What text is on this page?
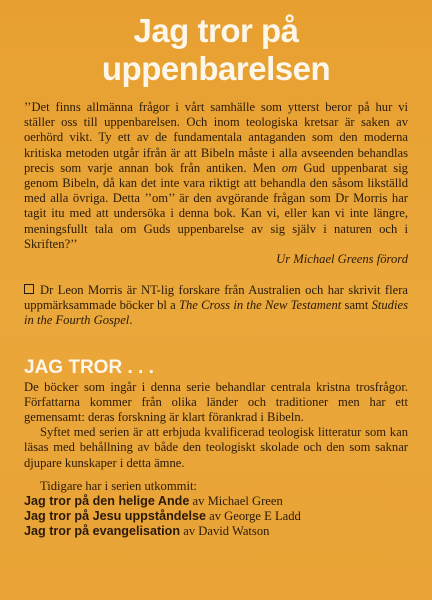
Jag tror på
uppenbarelsen

’’Det finns allmänna frågor i vårt samhälle som ytterst beror på hur vi ställer oss till uppenbarelsen. Och inom teologiska kretsar är saken av oerhörd vikt. Ty ett av de fundamentala antaganden som den moderna kritiska metoden utgår ifrån är att Bibeln måste i alla avseenden behandlas precis som varje annan bok från antiken. Men om Gud uppenbarat sig genom Bibeln, då kan det inte vara riktigt att behandla den såsom likställd med alla övriga. Detta ’’om’’ är den avgörande frågan som Dr Morris har tagit itu med att undersöka i denna bok. Kan vi, eller kan vi inte längre, meningsfullt tala om Guds uppenbarelse av sig själv i naturen och i Skriften?’’

Ur Michael Greens förord

Dr Leon Morris är NT-lig forskare från Australien och har skrivit flera uppmärksammade böcker bl a The Cross in the New Testament samt Studies in the Fourth Gospel.

JAG TROR . . .

De böcker som ingår i denna serie behandlar centrala kristna trosfrågor. Författarna kommer från olika länder och traditioner men har ett gemensamt: deras forskning är klart förankrad i Bibeln.

Syftet med serien är att erbjuda kvalificerad teologisk litteratur som kan läsas med behållning av både den teologiskt skolade och den som saknar djupare kunskaper i detta ämne.

Tidigare har i serien utkommit:

Jag tror på den helige Ande av Michael Green
Jag tror på Jesu uppståndelse av George E Ladd
Jag tror på evangelisation av David Watson
